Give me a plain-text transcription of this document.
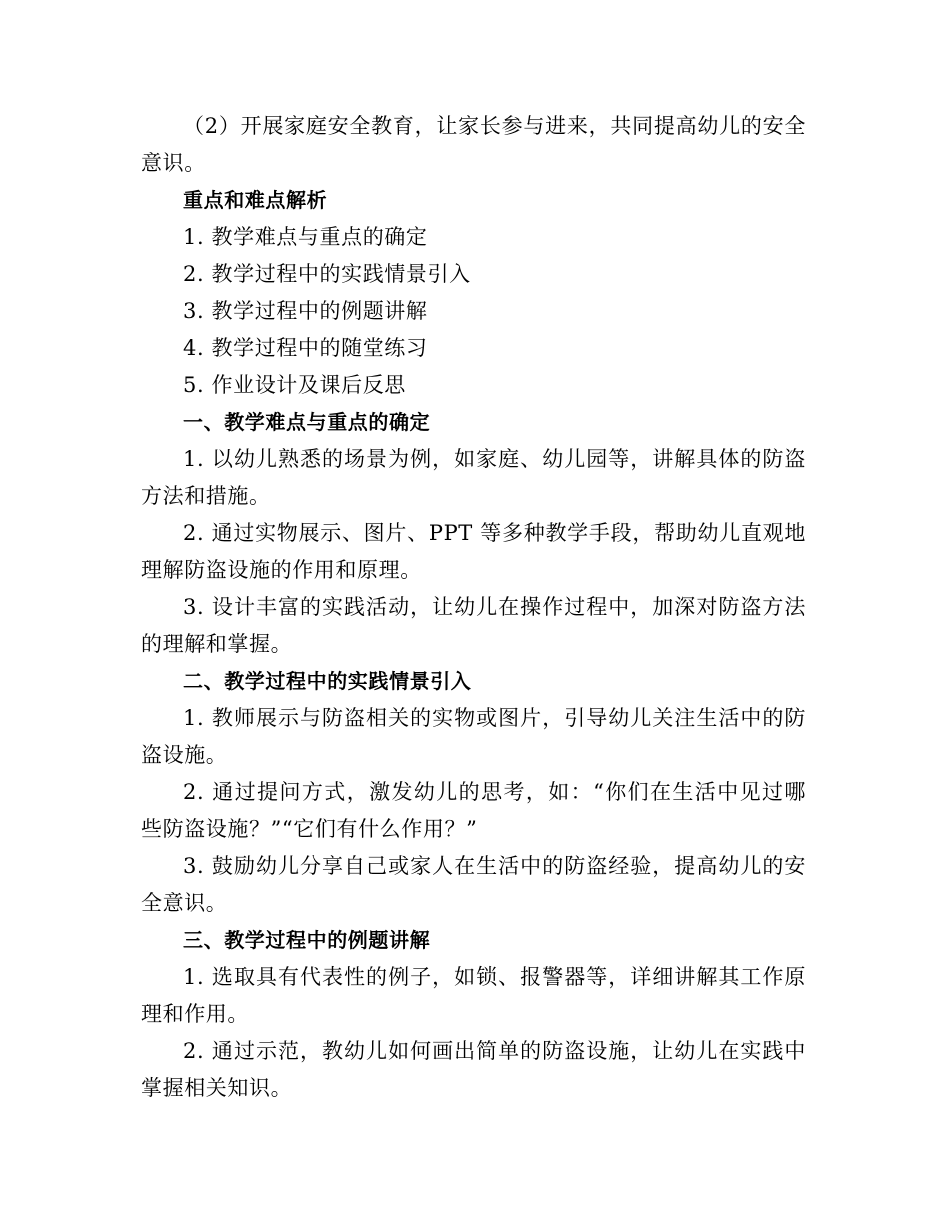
（2）开展家庭安全教育，让家长参与进来，共同提高幼儿的安全意识。

重点和难点解析

1. 教学难点与重点的确定

2. 教学过程中的实践情景引入

3. 教学过程中的例题讲解

4. 教学过程中的随堂练习

5. 作业设计及课后反思

一、教学难点与重点的确定

1. 以幼儿熟悉的场景为例，如家庭、幼儿园等，讲解具体的防盗方法和措施。

2. 通过实物展示、图片、PPT 等多种教学手段，帮助幼儿直观地理解防盗设施的作用和原理。

3. 设计丰富的实践活动，让幼儿在操作过程中，加深对防盗方法的理解和掌握。

二、教学过程中的实践情景引入

1. 教师展示与防盗相关的实物或图片，引导幼儿关注生活中的防盗设施。

2. 通过提问方式，激发幼儿的思考，如：“你们在生活中见过哪些防盗设施？”“它们有什么作用？”

3. 鼓励幼儿分享自己或家人在生活中的防盗经验，提高幼儿的安全意识。

三、教学过程中的例题讲解

1. 选取具有代表性的例子，如锁、报警器等，详细讲解其工作原理和作用。

2. 通过示范，教幼儿如何画出简单的防盗设施，让幼儿在实践中掌握相关知识。
